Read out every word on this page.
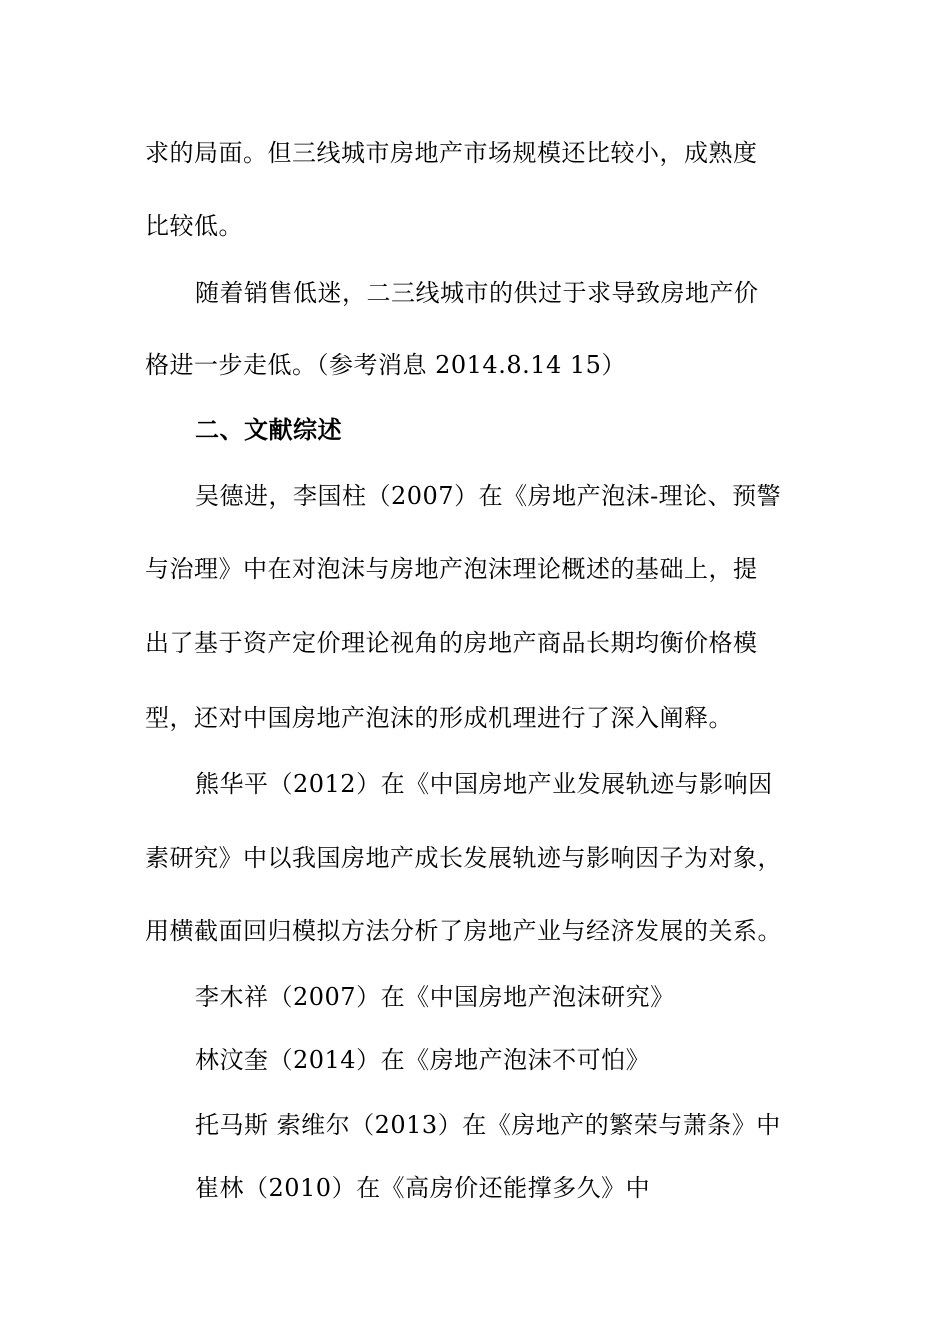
求的局面。但三线城市房地产市场规模还比较小，成熟度
比较低。
随着销售低迷，二三线城市的供过于求导致房地产价
格进一步走低。（参考消息 2014.8.14 15）
二、文献综述
吴德进，李国柱（2007）在《房地产泡沫-理论、预警
与治理》中在对泡沫与房地产泡沫理论概述的基础上，提
出了基于资产定价理论视角的房地产商品长期均衡价格模
型，还对中国房地产泡沫的形成机理进行了深入阐释。
熊华平（2012）在《中国房地产业发展轨迹与影响因
素研究》中以我国房地产成长发展轨迹与影响因子为对象，
用横截面回归模拟方法分析了房地产业与经济发展的关系。
李木祥（2007）在《中国房地产泡沫研究》
林汶奎（2014）在《房地产泡沫不可怕》
托马斯 索维尔（2013）在《房地产的繁荣与萧条》中
崔林（2010）在《高房价还能撑多久》中
